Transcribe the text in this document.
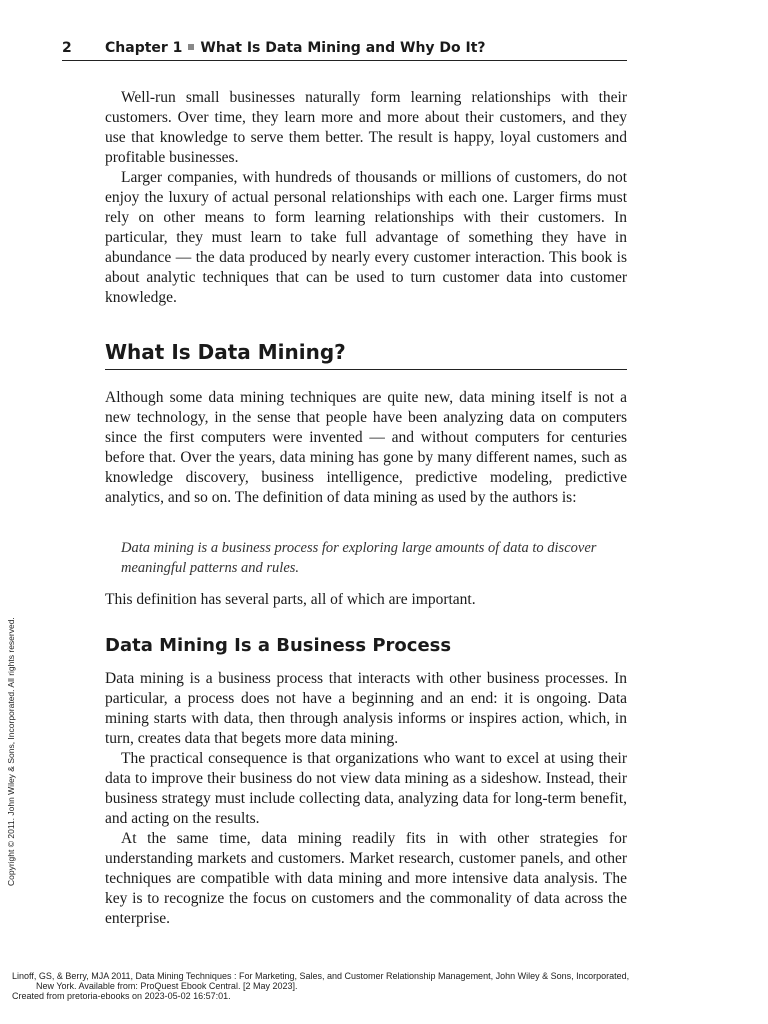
2 Chapter 1 What Is Data Mining and Why Do It?

Well-run small businesses naturally form learning relationships with their customers. Over time, they learn more and more about their customers, and they use that knowledge to serve them better. The result is happy, loyal customers and profitable businesses.

Larger companies, with hundreds of thousands or millions of customers, do not enjoy the luxury of actual personal relationships with each one. Larger firms must rely on other means to form learning relationships with their customers. In particular, they must learn to take full advantage of something they have in abundance — the data produced by nearly every customer interaction. This book is about analytic techniques that can be used to turn customer data into customer knowledge.

What Is Data Mining?

Although some data mining techniques are quite new, data mining itself is not a new technology, in the sense that people have been analyzing data on computers since the first computers were invented — and without computers for centuries before that. Over the years, data mining has gone by many different names, such as knowledge discovery, business intelligence, predictive modeling, predictive analytics, and so on. The definition of data mining as used by the authors is:

Data mining is a business process for exploring large amounts of data to discover meaningful patterns and rules.

This definition has several parts, all of which are important.

Data Mining Is a Business Process

Data mining is a business process that interacts with other business processes. In particular, a process does not have a beginning and an end: it is ongoing. Data mining starts with data, then through analysis informs or inspires action, which, in turn, creates data that begets more data mining.

The practical consequence is that organizations who want to excel at using their data to improve their business do not view data mining as a sideshow. Instead, their business strategy must include collecting data, analyzing data for long-term benefit, and acting on the results.

At the same time, data mining readily fits in with other strategies for understanding markets and customers. Market research, customer panels, and other techniques are compatible with data mining and more intensive data analysis. The key is to recognize the focus on customers and the commonality of data across the enterprise.

Copyright © 2011. John Wiley & Sons, Incorporated. All rights reserved.
Linoff, GS, & Berry, MJA 2011, Data Mining Techniques : For Marketing, Sales, and Customer Relationship Management, John Wiley & Sons, Incorporated,
New York. Available from: ProQuest Ebook Central. [2 May 2023].
Created from pretoria-ebooks on 2023-05-02 16:57:01.
